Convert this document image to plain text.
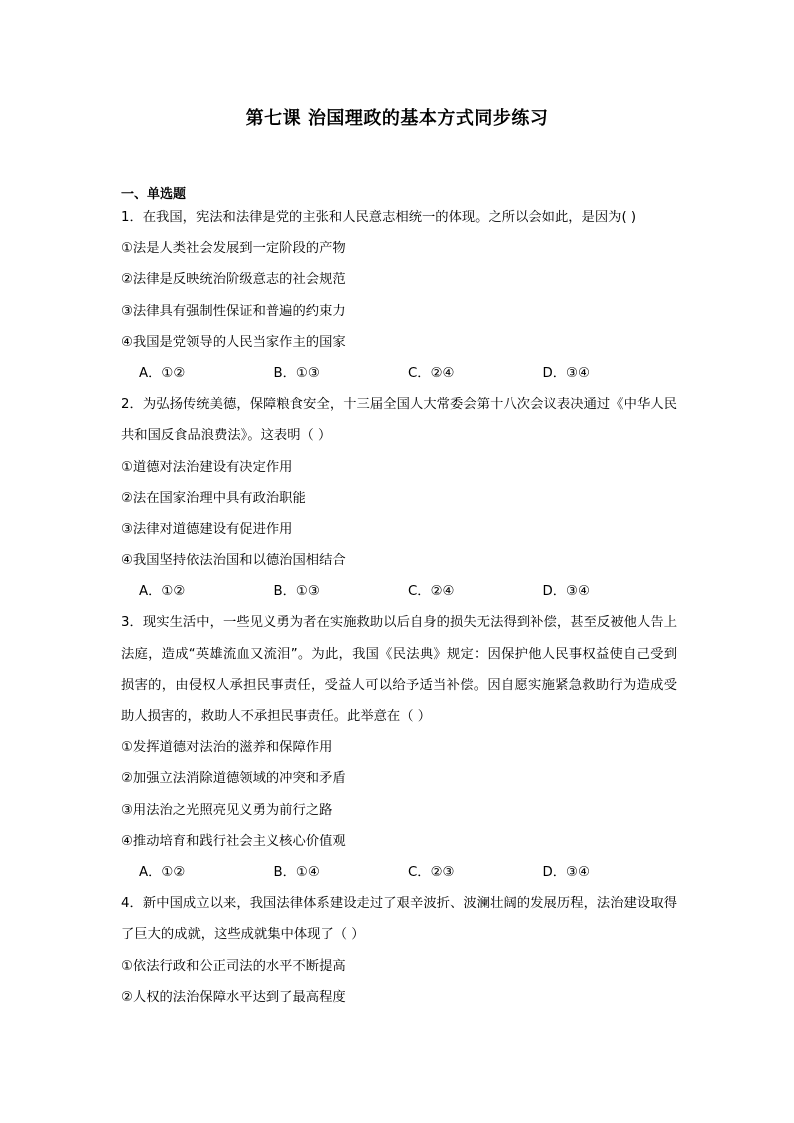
第七课 治国理政的基本方式同步练习
一、单选题
1．在我国，宪法和法律是党的主张和人民意志相统一的体现。之所以会如此，是因为( )
①法是人类社会发展到一定阶段的产物
②法律是反映统治阶级意志的社会规范
③法律具有强制性保证和普遍的约束力
④我国是党领导的人民当家作主的国家
A．①②	B．①③	C．②④	D．③④
2．为弘扬传统美德，保障粮食安全，十三届全国人大常委会第十八次会议表决通过《中华人民共和国反食品浪费法》。这表明（ ）
①道德对法治建设有决定作用
②法在国家治理中具有政治职能
③法律对道德建设有促进作用
④我国坚持依法治国和以德治国相结合
A．①②	B．①③	C．②④	D．③④
3．现实生活中，一些见义勇为者在实施救助以后自身的损失无法得到补偿，甚至反被他人告上法庭，造成“英雄流血又流泪”。为此，我国《民法典》规定：因保护他人民事权益使自己受到损害的，由侵权人承担民事责任，受益人可以给予适当补偿。因自愿实施紧急救助行为造成受助人损害的，救助人不承担民事责任。此举意在（ ）
①发挥道德对法治的滋养和保障作用
②加强立法消除道德领域的冲突和矛盾
③用法治之光照亮见义勇为前行之路
④推动培育和践行社会主义核心价值观
A．①②	B．①④	C．②③	D．③④
4．新中国成立以来，我国法律体系建设走过了艰辛波折、波澜壮阔的发展历程，法治建设取得了巨大的成就，这些成就集中体现了（ ）
①依法行政和公正司法的水平不断提高
②人权的法治保障水平达到了最高程度
